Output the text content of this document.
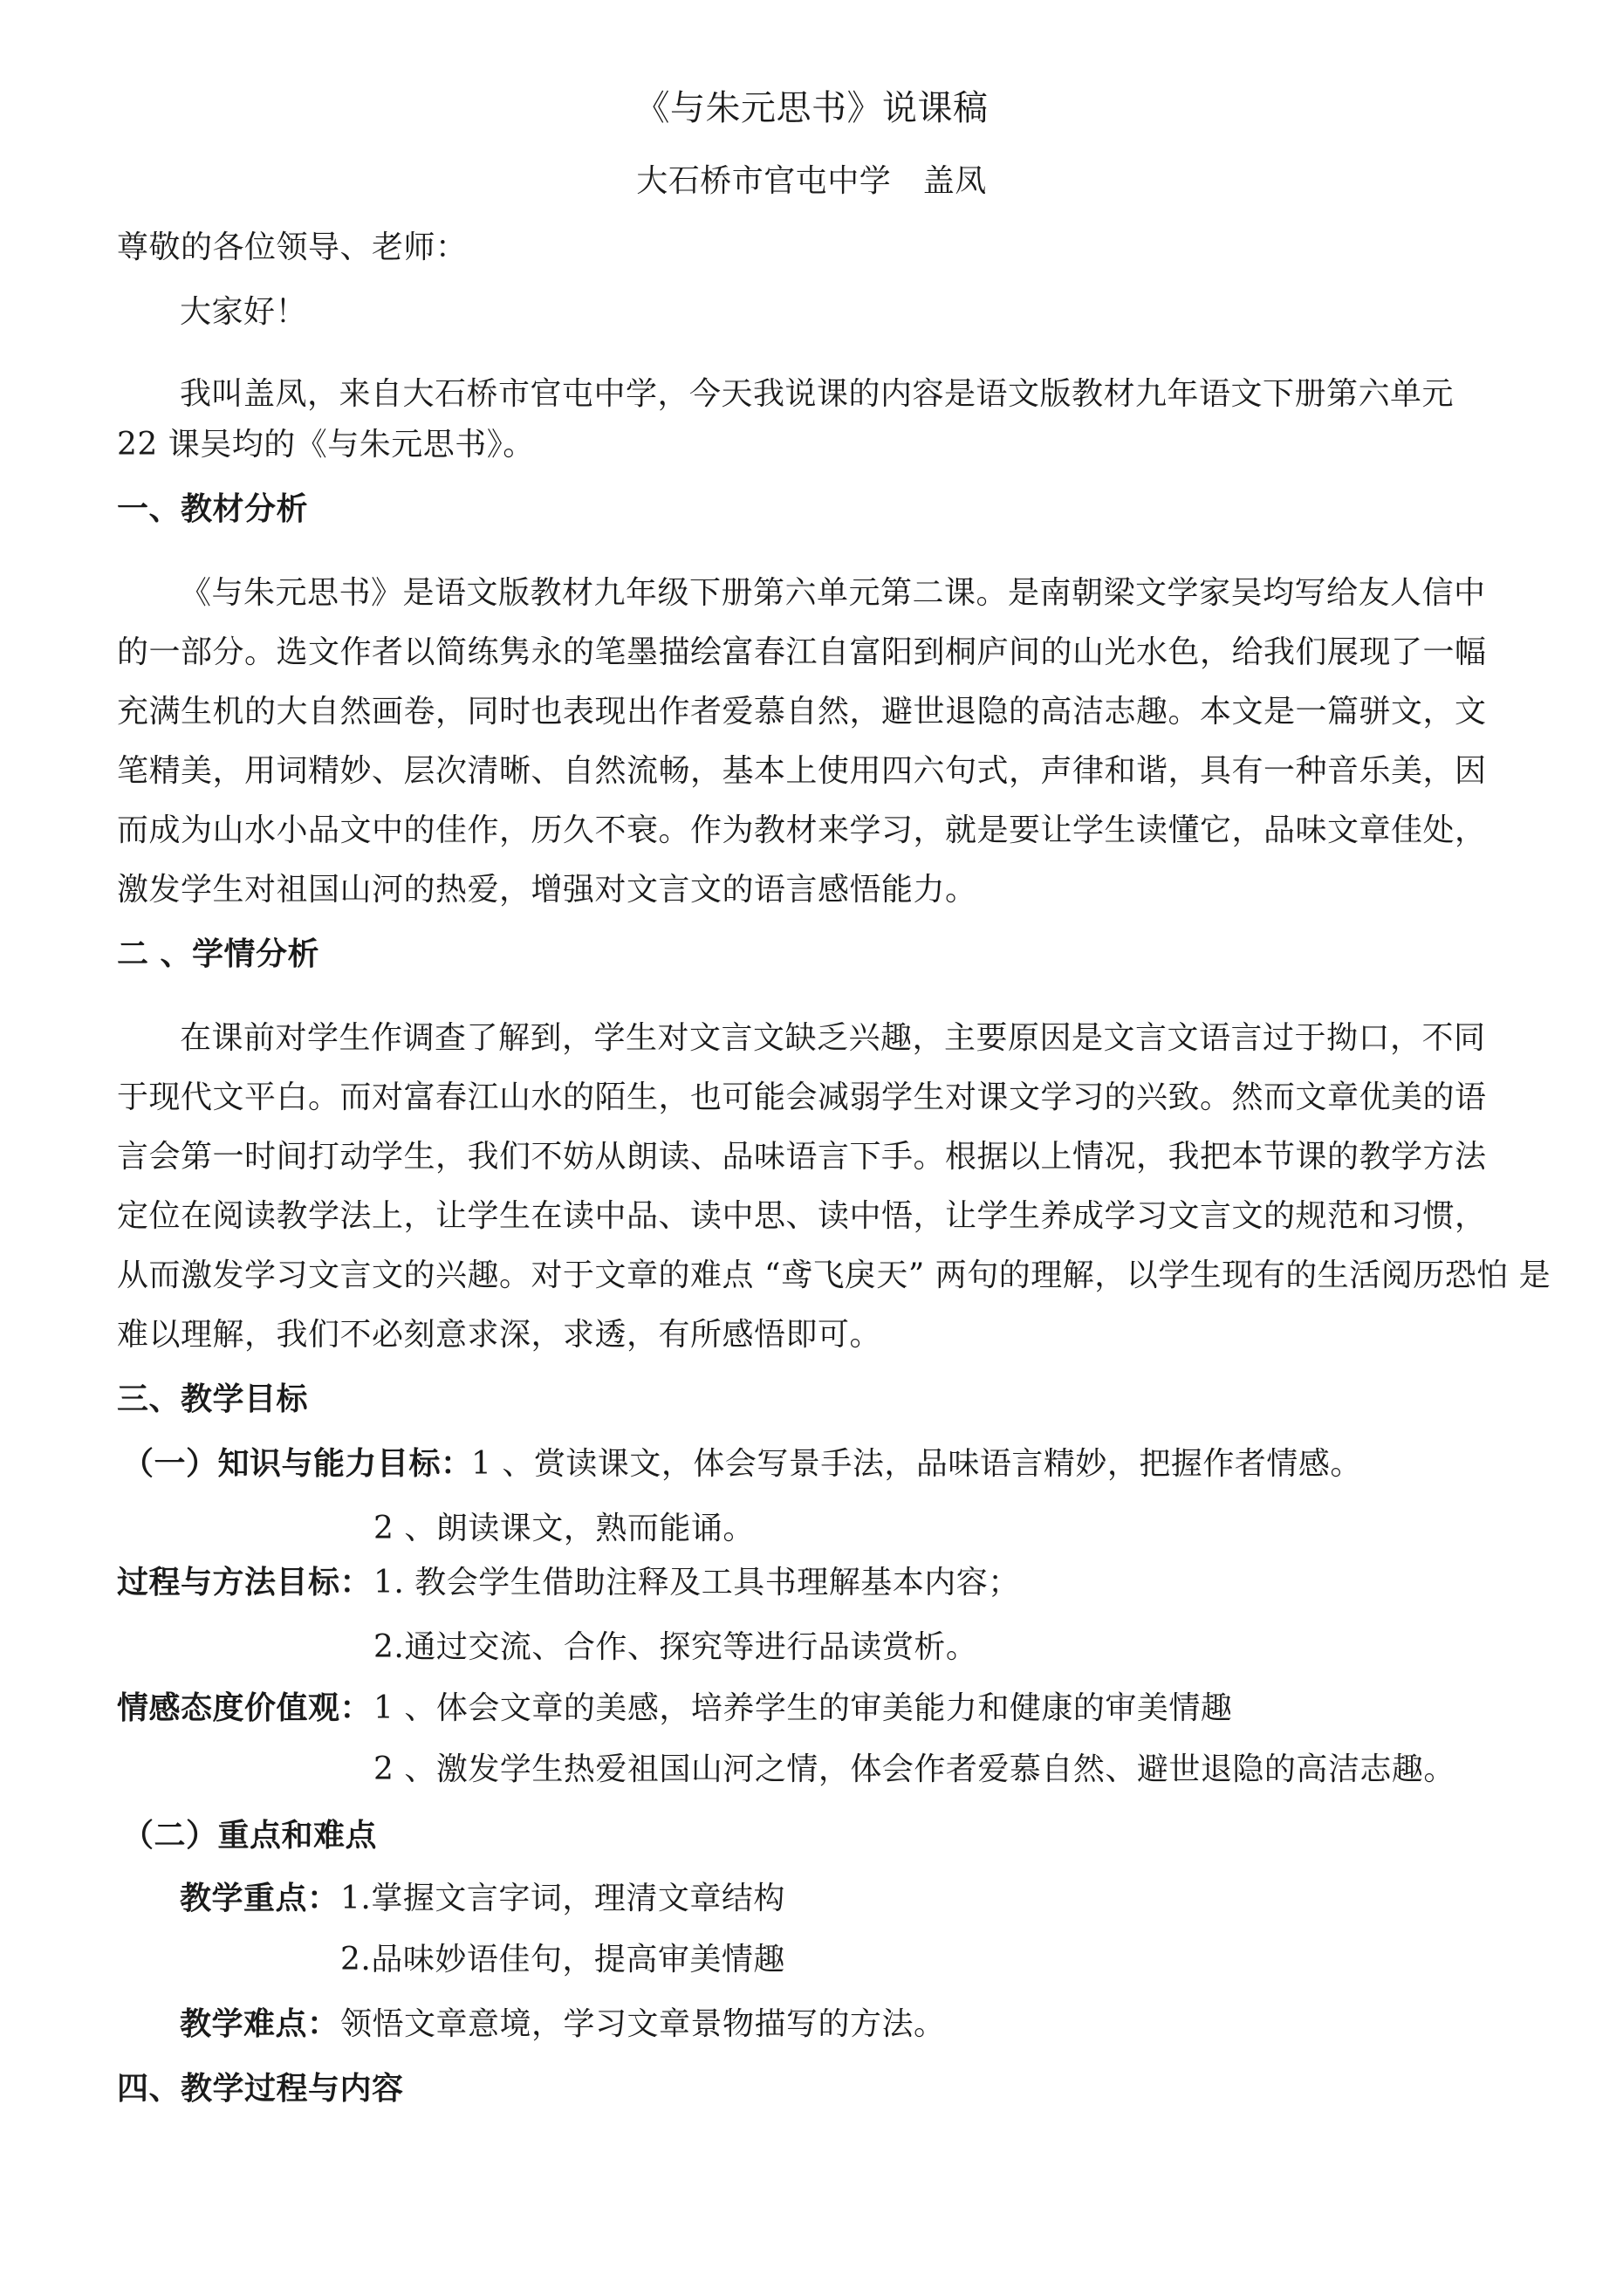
《与朱元思书》说课稿
大石桥市官屯中学　盖凤
尊敬的各位领导、老师：
大家好！
我叫盖凤，来自大石桥市官屯中学，今天我说课的内容是语文版教材九年语文下册第六单元
22 课吴均的《与朱元思书》。
一、教材分析
《与朱元思书》是语文版教材九年级下册第六单元第二课。是南朝梁文学家吴均写给友人信中
的一部分。选文作者以简练隽永的笔墨描绘富春江自富阳到桐庐间的山光水色，给我们展现了一幅
充满生机的大自然画卷，同时也表现出作者爱慕自然，避世退隐的高洁志趣。本文是一篇骈文，文
笔精美，用词精妙、层次清晰、自然流畅，基本上使用四六句式，声律和谐，具有一种音乐美，因
而成为山水小品文中的佳作，历久不衰。作为教材来学习，就是要让学生读懂它，品味文章佳处，
激发学生对祖国山河的热爱，增强对文言文的语言感悟能力。
二 、学情分析
在课前对学生作调查了解到，学生对文言文缺乏兴趣，主要原因是文言文语言过于拗口，不同
于现代文平白。而对富春江山水的陌生，也可能会减弱学生对课文学习的兴致。然而文章优美的语
言会第一时间打动学生，我们不妨从朗读、品味语言下手。根据以上情况，我把本节课的教学方法
定位在阅读教学法上，让学生在读中品、读中思、读中悟，让学生养成学习文言文的规范和习惯，
从而激发学习文言文的兴趣。对于文章的难点 “鸢飞戾天” 两句的理解，以学生现有的生活阅历恐怕 是
难以理解，我们不必刻意求深，求透，有所感悟即可。
三、教学目标
（一）知识与能力目标：
1 、赏读课文，体会写景手法，品味语言精妙，把握作者情感。
2 、朗读课文，熟而能诵。
过程与方法目标： 1. 教会学生借助注释及工具书理解基本内容；
2.通过交流、合作、探究等进行品读赏析。
情感态度价值观： 1 、体会文章的美感，培养学生的审美能力和健康的审美情趣
2 、激发学生热爱祖国山河之情，体会作者爱慕自然、避世退隐的高洁志趣。
（二）重点和难点
教学重点： 1.掌握文言字词，理清文章结构
2.品味妙语佳句，提高审美情趣
教学难点： 领悟文章意境，学习文章景物描写的方法。
四、教学过程与内容
